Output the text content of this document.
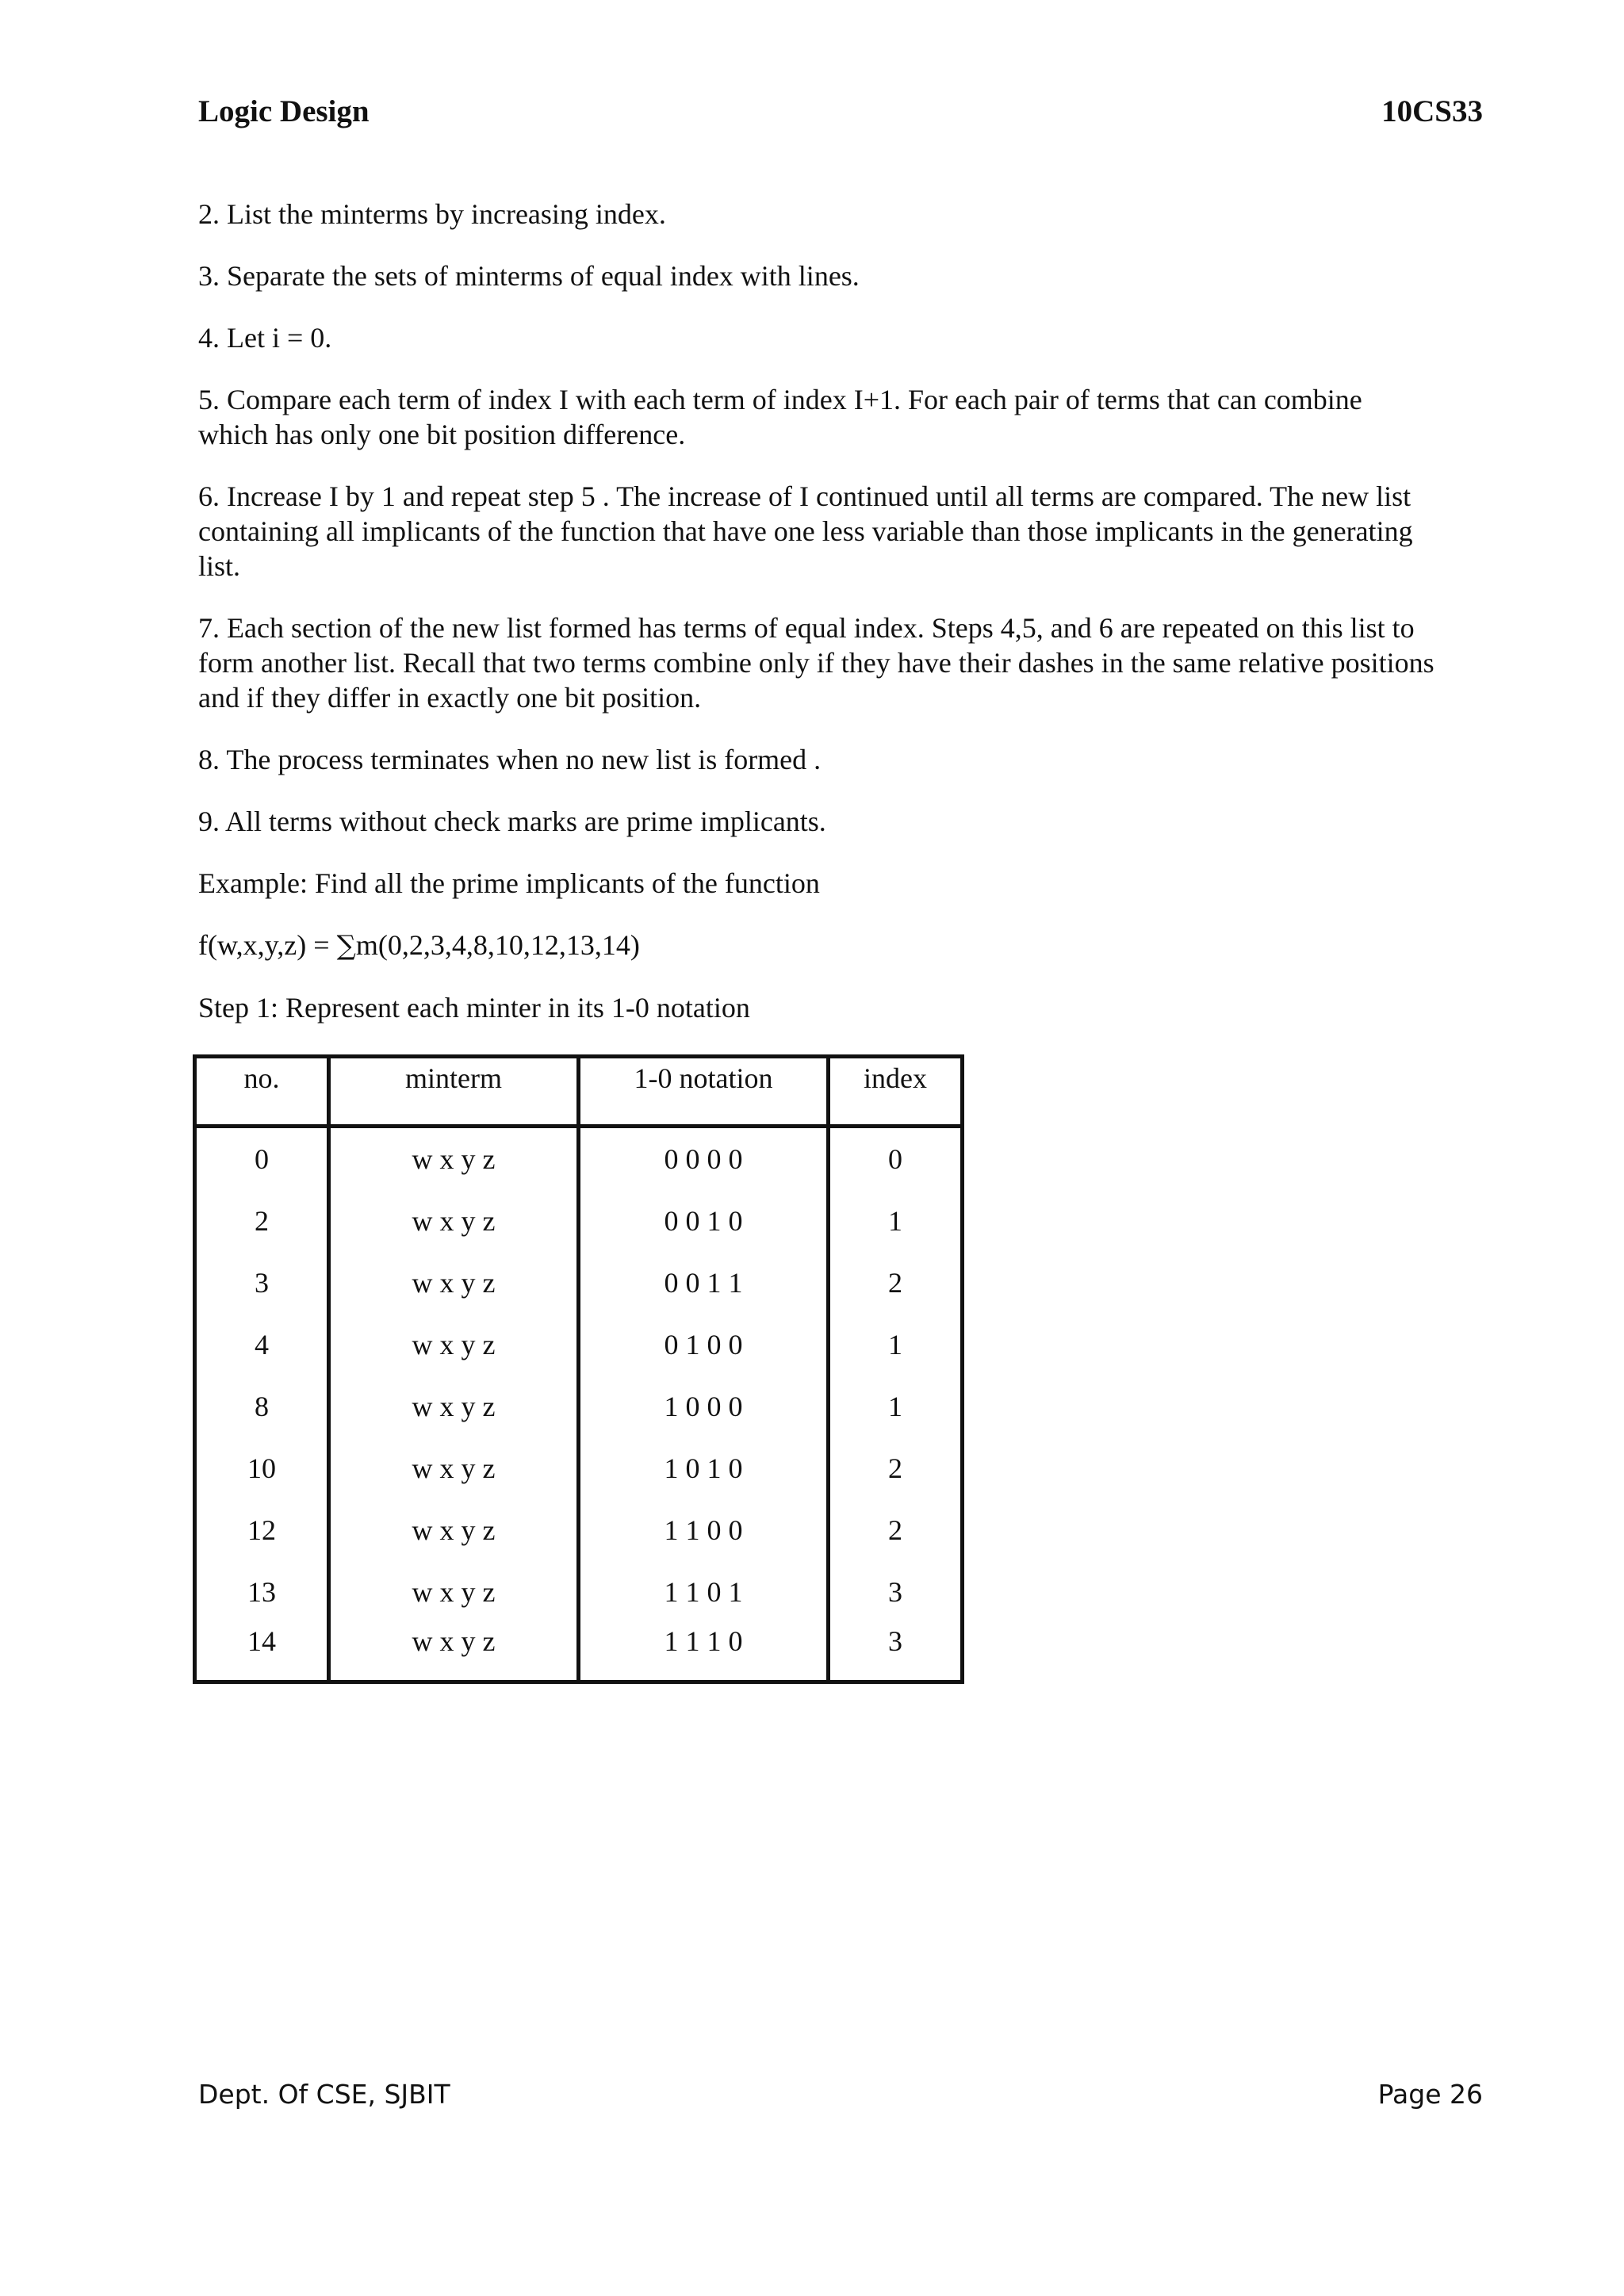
Logic Design	10CS33

2. List the minterms by increasing index.

3. Separate the sets of minterms of equal index with lines.

4. Let i = 0.

5. Compare each term of index I with each term of index I+1. For each pair of terms that can combine which has only one bit position difference.

6. Increase I by 1 and repeat step 5 . The increase of I continued until all terms are compared. The new list containing all implicants of the function that have one less variable than those implicants in the generating list.

7. Each section of the new list formed has terms of equal index. Steps 4,5, and 6 are repeated on this list to form another list. Recall that two terms combine only if they have their dashes in the same relative positions and if they differ in exactly one bit position.

8. The process terminates when no new list is formed .

9. All terms without check marks are prime implicants.

Example: Find all the prime implicants of the function

f(w,x,y,z) = ∑m(0,2,3,4,8,10,12,13,14)

Step 1: Represent each minter in its 1-0 notation

no.	minterm	1-0 notation	index
0	w x y z	0 0 0 0	0
2	w x y z	0 0 1 0	1
3	w x y z	0 0 1 1	2
4	w x y z	0 1 0 0	1
8	w x y z	1 0 0 0	1
10	w x y z	1 0 1 0	2
12	w x y z	1 1 0 0	2
13	w x y z	1 1 0 1	3
14	w x y z	1 1 1 0	3
Dept. Of CSE, SJBIT	Page 26
